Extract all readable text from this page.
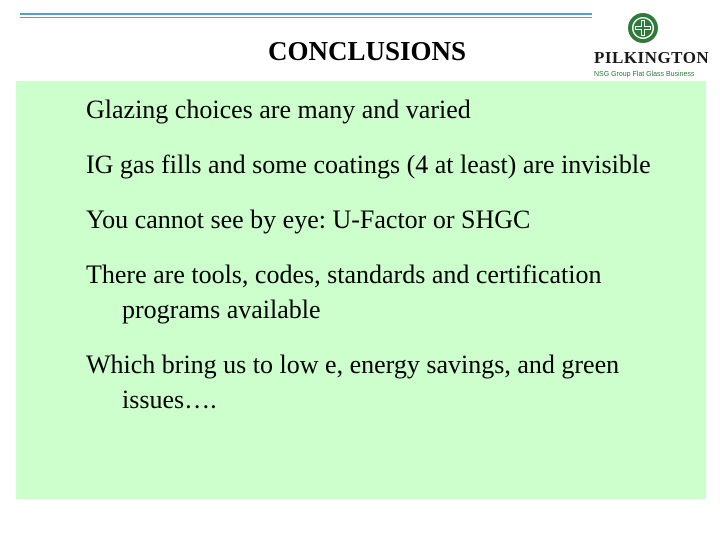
CONCLUSIONS	PILKINGTON
NSG Group Flat Glass Business
Glazing choices are many and varied
IG gas fills and some coatings (4 at least) are invisible
You cannot see by eye: U-Factor or SHGC
There are tools, codes, standards and certification programs available
Which bring us to low e, energy savings, and green issues….
